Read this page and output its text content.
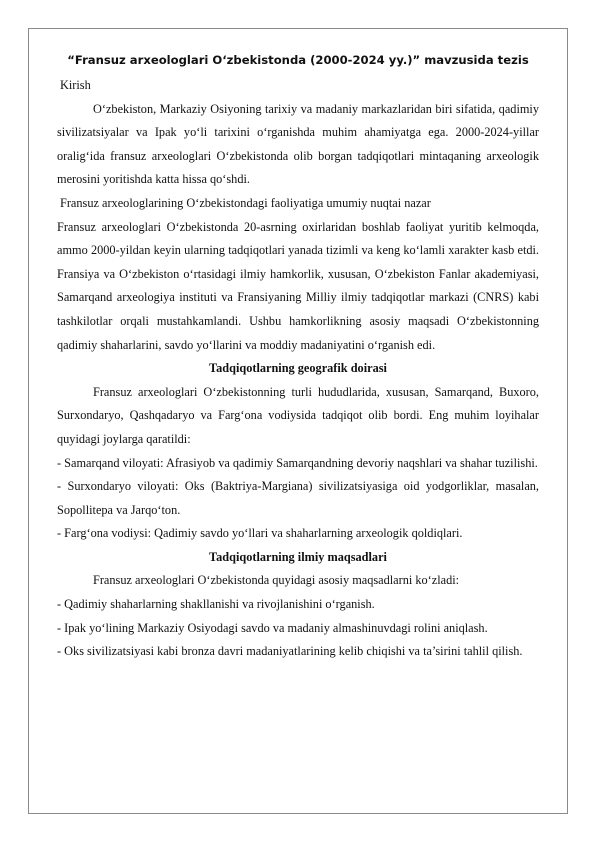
“Fransuz arxeologlari O‘zbekistonda (2000-2024 yy.)” mavzusida tezis

Kirish

O‘zbekiston, Markaziy Osiyoning tarixiy va madaniy markazlaridan biri sifatida, qadimiy sivilizatsiyalar va Ipak yo‘li tarixini o‘rganishda muhim ahamiyatga ega. 2000-2024-yillar oralig‘ida fransuz arxeologlari O‘zbekistonda olib borgan tadqiqotlari mintaqaning arxeologik merosini yoritishda katta hissa qo‘shdi.

Fransuz arxeologlarining O‘zbekistondagi faoliyatiga umumiy nuqtai nazar

Fransuz arxeologlari O‘zbekistonda 20-asrning oxirlaridan boshlab faoliyat yuritib kelmoqda, ammo 2000-yildan keyin ularning tadqiqotlari yanada tizimli va keng ko‘lamli xarakter kasb etdi. Fransiya va O‘zbekiston o‘rtasidagi ilmiy hamkorlik, xususan, O‘zbekiston Fanlar akademiyasi, Samarqand arxeologiya instituti va Fransiyaning Milliy ilmiy tadqiqotlar markazi (CNRS) kabi tashkilotlar orqali mustahkamlandi. Ushbu hamkorlikning asosiy maqsadi O‘zbekistonning qadimiy shaharlarini, savdo yo‘llarini va moddiy madaniyatini o‘rganish edi.

Tadqiqotlarning geografik doirasi

Fransuz arxeologlari O‘zbekistonning turli hududlarida, xususan, Samarqand, Buxoro, Surxondaryo, Qashqadaryo va Farg‘ona vodiysida tadqiqot olib bordi. Eng muhim loyihalar quyidagi joylarga qaratildi:

- Samarqand viloyati: Afrasiyob va qadimiy Samarqandning devoriy naqshlari va shahar tuzilishi.
- Surxondaryo viloyati: Oks (Baktriya-Margiana) sivilizatsiyasiga oid yodgorliklar, masalan, Sopollitepa va Jarqo‘ton.
- Farg‘ona vodiysi: Qadimiy savdo yo‘llari va shaharlarning arxeologik qoldiqlari.

Tadqiqotlarning ilmiy maqsadlari

Fransuz arxeologlari O‘zbekistonda quyidagi asosiy maqsadlarni ko‘zladi:

- Qadimiy shaharlarning shakllanishi va rivojlanishini o‘rganish.
- Ipak yo‘lining Markaziy Osiyodagi savdo va madaniy almashinuvdagi rolini aniqlash.
- Oks sivilizatsiyasi kabi bronza davri madaniyatlarining kelib chiqishi va ta’sirini tahlil qilish.
